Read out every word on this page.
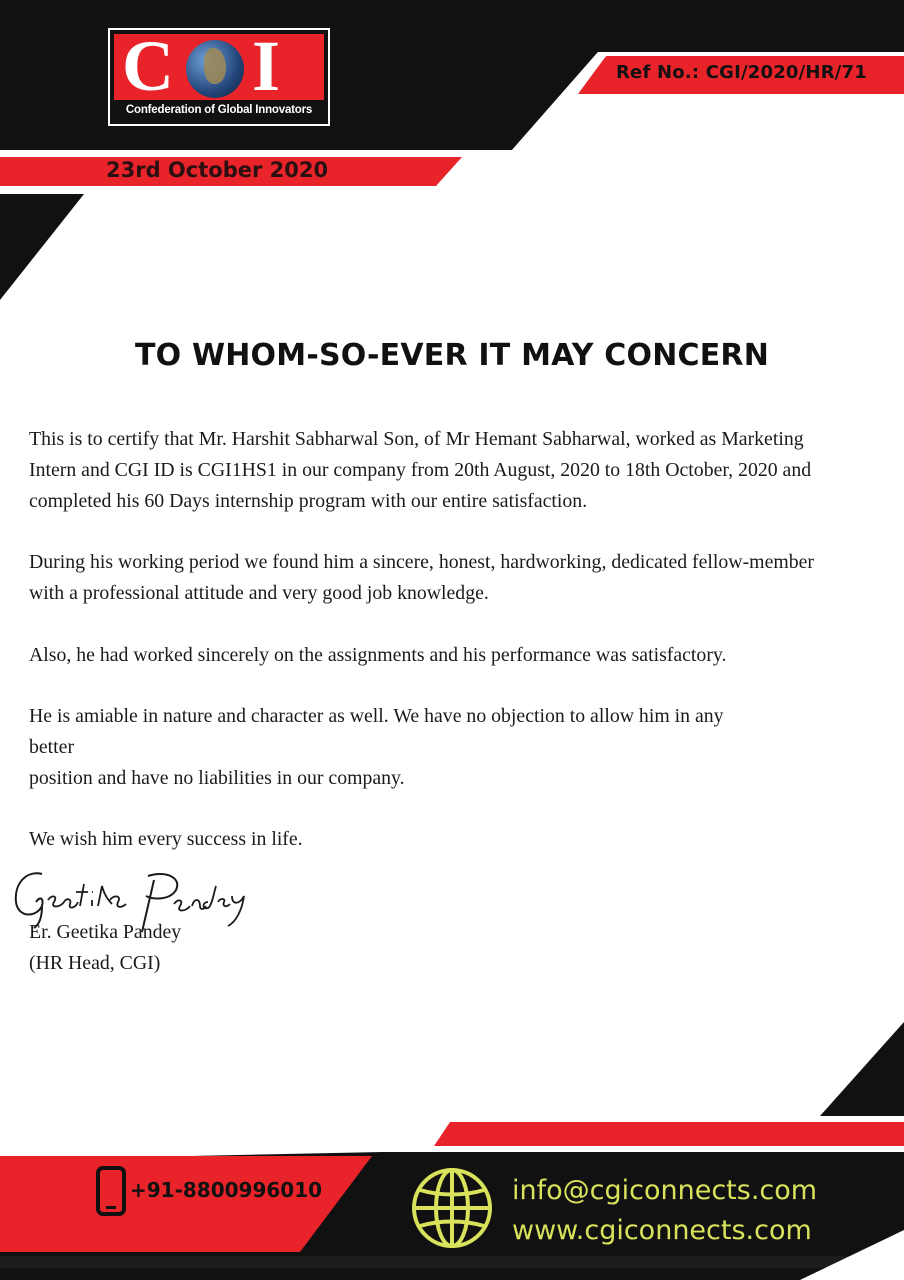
C I
Confederation of Global Innovators
Ref No.: CGI/2020/HR/71
23rd October 2020
TO WHOM-SO-EVER IT MAY CONCERN
This is to certify that Mr. Harshit Sabharwal Son, of Mr Hemant Sabharwal, worked as Marketing
Intern and CGI ID is CGI1HS1 in our company from 20th August, 2020 to 18th October, 2020 and
completed his 60 Days internship program with our entire satisfaction.
During his working period we found him a sincere, honest, hardworking, dedicated fellow-member
with a professional attitude and very good job knowledge.
Also, he had worked sincerely on the assignments and his performance was satisfactory.
He is amiable in nature and character as well. We have no objection to allow him in any
better
position and have no liabilities in our company.
We wish him every success in life.
Er. Geetika Pandey
(HR Head, CGI)
+91-8800996010	info@cgiconnects.com
www.cgiconnects.com
